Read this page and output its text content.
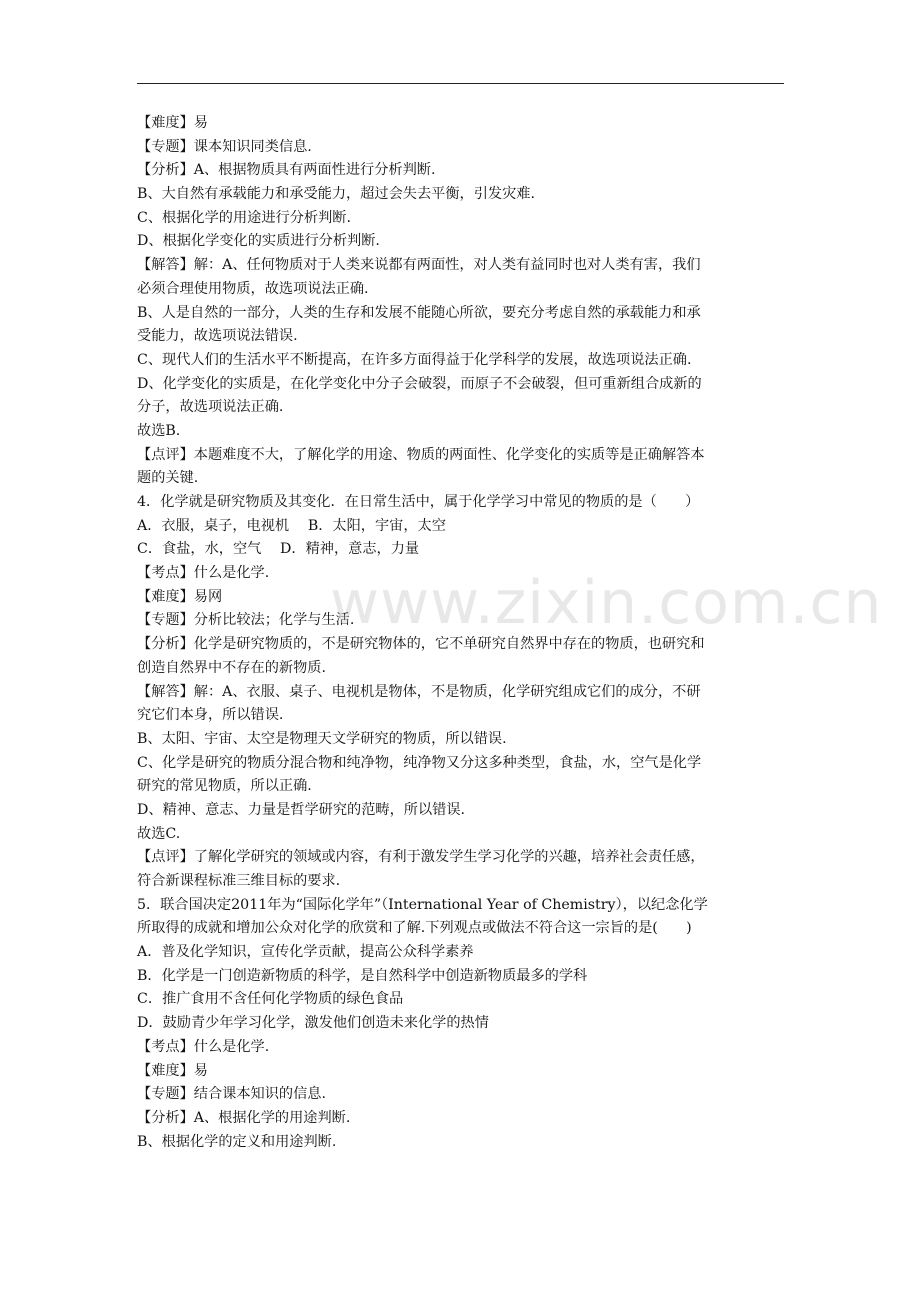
【难度】易
【专题】课本知识同类信息.
【分析】A、根据物质具有两面性进行分析判断.
B、大自然有承载能力和承受能力，超过会失去平衡，引发灾难.
C、根据化学的用途进行分析判断.
D、根据化学变化的实质进行分析判断.
【解答】解：A、任何物质对于人类来说都有两面性，对人类有益同时也对人类有害，我们
必须合理使用物质，故选项说法正确.
B、人是自然的一部分，人类的生存和发展不能随心所欲，要充分考虑自然的承载能力和承
受能力，故选项说法错误.
C、现代人们的生活水平不断提高，在许多方面得益于化学科学的发展，故选项说法正确.
D、化学变化的实质是，在化学变化中分子会破裂，而原子不会破裂，但可重新组合成新的
分子，故选项说法正确.
故选B.
【点评】本题难度不大，了解化学的用途、物质的两面性、化学变化的实质等是正确解答本
题的关键.
4．化学就是研究物质及其变化．在日常生活中，属于化学学习中常见的物质的是（　　）
A．衣服，桌子，电视机　 B．太阳，宇宙，太空
C．食盐，水，空气　 D．精神，意志，力量
【考点】什么是化学.
【难度】易网
【专题】分析比较法；化学与生活.
【分析】化学是研究物质的，不是研究物体的，它不单研究自然界中存在的物质，也研究和
创造自然界中不存在的新物质.
【解答】解：A、衣服、桌子、电视机是物体，不是物质，化学研究组成它们的成分，不研
究它们本身，所以错误.
B、太阳、宇宙、太空是物理天文学研究的物质，所以错误.
C、化学是研究的物质分混合物和纯净物，纯净物又分这多种类型，食盐，水，空气是化学
研究的常见物质，所以正确.
D、精神、意志、力量是哲学研究的范畴，所以错误.
故选C.
【点评】了解化学研究的领域或内容，有利于激发学生学习化学的兴趣，培养社会责任感，
符合新课程标准三维目标的要求.
5．联合国决定2011年为“国际化学年”（International Year of Chemistry），以纪念化学
所取得的成就和增加公众对化学的欣赏和了解.下列观点或做法不符合这一宗旨的是(　　)
A．普及化学知识，宣传化学贡献，提高公众科学素养
B．化学是一门创造新物质的科学，是自然科学中创造新物质最多的学科
C．推广食用不含任何化学物质的绿色食品
D．鼓励青少年学习化学，激发他们创造未来化学的热情
【考点】什么是化学.
【难度】易
【专题】结合课本知识的信息.
【分析】A、根据化学的用途判断.
B、根据化学的定义和用途判断.
www.zixin.com.cn
